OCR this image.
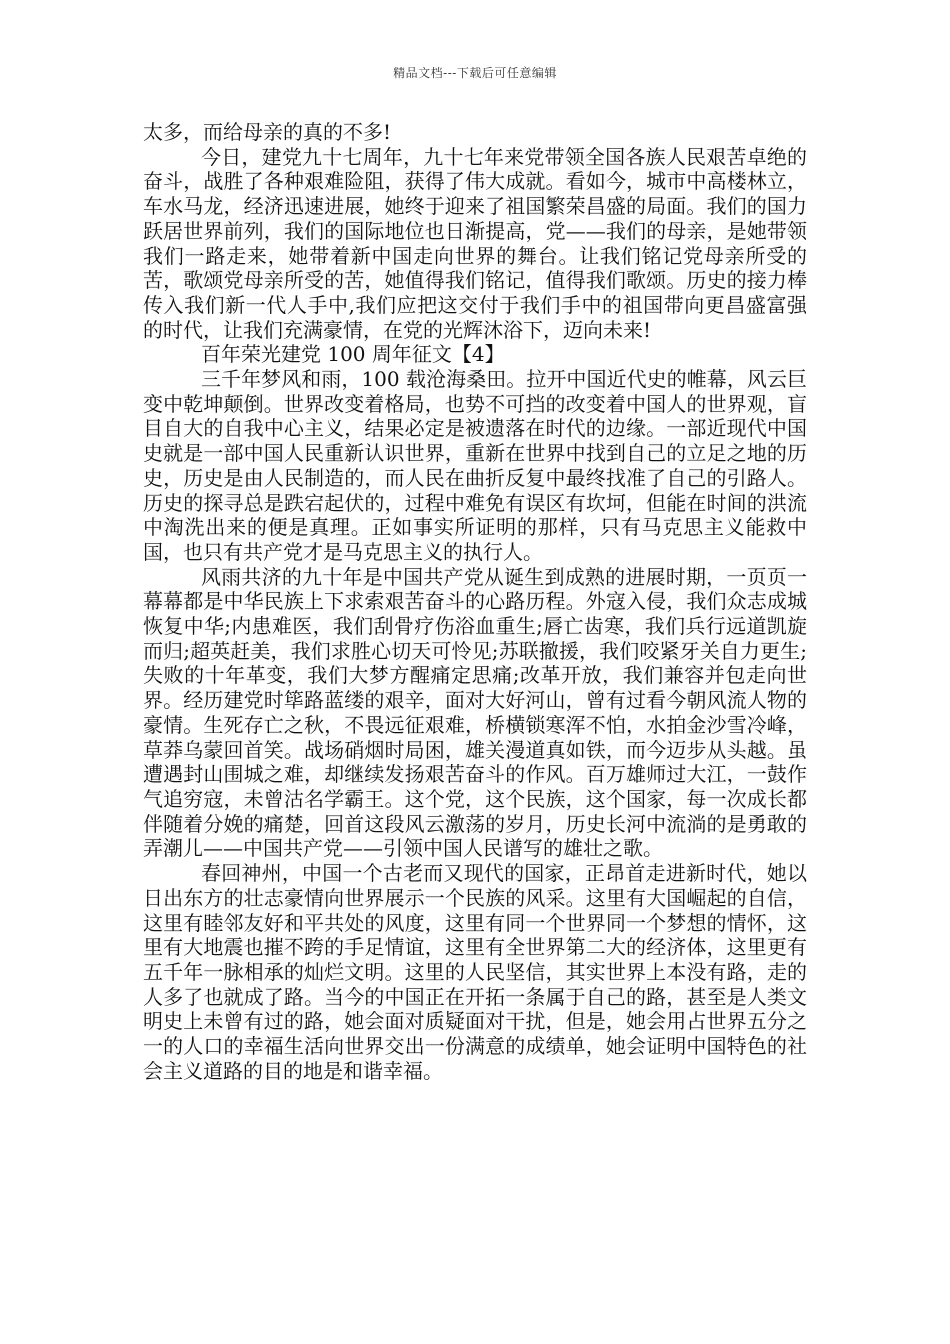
精品文档---下载后可任意编辑

太多，而给母亲的真的不多!

今日，建党九十七周年，九十七年来党带领全国各族人民艰苦卓绝的奋斗，战胜了各种艰难险阻，获得了伟大成就。看如今，城市中高楼林立，车水马龙，经济迅速进展，她终于迎来了祖国繁荣昌盛的局面。我们的国力跃居世界前列，我们的国际地位也日渐提高，党——我们的母亲，是她带领我们一路走来，她带着新中国走向世界的舞台。让我们铭记党母亲所受的苦，歌颂党母亲所受的苦，她值得我们铭记，值得我们歌颂。历史的接力棒传入我们新一代人手中,我们应把这交付于我们手中的祖国带向更昌盛富强的时代，让我们充满豪情，在党的光辉沐浴下，迈向未来!

百年荣光建党 100 周年征文【4】

三千年梦风和雨，100 载沧海桑田。拉开中国近代史的帷幕，风云巨变中乾坤颠倒。世界改变着格局，也势不可挡的改变着中国人的世界观，盲目自大的自我中心主义，结果必定是被遗落在时代的边缘。一部近现代中国史就是一部中国人民重新认识世界，重新在世界中找到自己的立足之地的历史，历史是由人民制造的，而人民在曲折反复中最终找准了自己的引路人。历史的探寻总是跌宕起伏的，过程中难免有误区有坎坷，但能在时间的洪流中淘洗出来的便是真理。正如事实所证明的那样，只有马克思主义能救中国，也只有共产党才是马克思主义的执行人。

风雨共济的九十年是中国共产党从诞生到成熟的进展时期，一页页一幕幕都是中华民族上下求索艰苦奋斗的心路历程。外寇入侵，我们众志成城恢复中华;内患难医，我们刮骨疗伤浴血重生;唇亡齿寒，我们兵行远道凯旋而归;超英赶美，我们求胜心切天可怜见;苏联撤援，我们咬紧牙关自力更生;失败的十年革变，我们大梦方醒痛定思痛;改革开放，我们兼容并包走向世界。经历建党时筚路蓝缕的艰辛，面对大好河山，曾有过看今朝风流人物的豪情。生死存亡之秋，不畏远征艰难，桥横锁寒浑不怕，水拍金沙雪冷峰，草莽乌蒙回首笑。战场硝烟时局困，雄关漫道真如铁，而今迈步从头越。虽遭遇封山围城之难，却继续发扬艰苦奋斗的作风。百万雄师过大江，一鼓作气追穷寇，未曾沽名学霸王。这个党，这个民族，这个国家，每一次成长都伴随着分娩的痛楚，回首这段风云激荡的岁月，历史长河中流淌的是勇敢的弄潮儿——中国共产党——引领中国人民谱写的雄壮之歌。

春回神州，中国一个古老而又现代的国家，正昂首走进新时代，她以日出东方的壮志豪情向世界展示一个民族的风采。这里有大国崛起的自信，这里有睦邻友好和平共处的风度，这里有同一个世界同一个梦想的情怀，这里有大地震也摧不跨的手足情谊，这里有全世界第二大的经济体，这里更有五千年一脉相承的灿烂文明。这里的人民坚信，其实世界上本没有路，走的人多了也就成了路。当今的中国正在开拓一条属于自己的路，甚至是人类文明史上未曾有过的路，她会面对质疑面对干扰，但是，她会用占世界五分之一的人口的幸福生活向世界交出一份满意的成绩单，她会证明中国特色的社会主义道路的目的地是和谐幸福。
